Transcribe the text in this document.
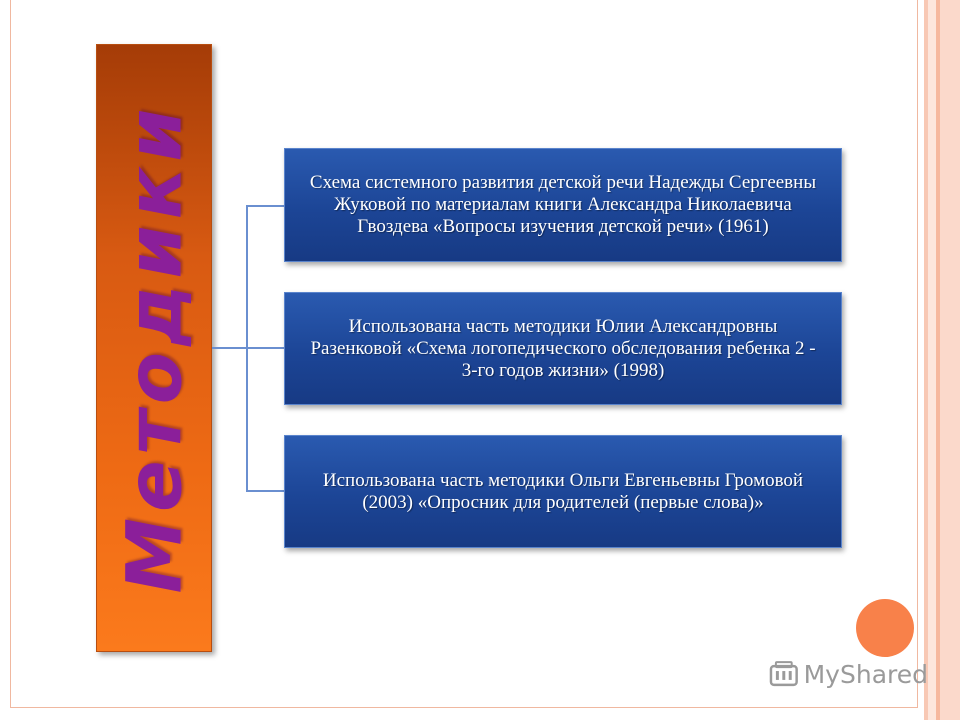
Методики	Схема системного развития детской речи Надежды Сергеевны Жуковой по материалам книги Александра Николаевича Гвоздева «Вопросы изучения детской речи» (1961)
Использована часть методики Юлии Александровны Разенковой «Схема логопедического обследования ребенка 2 - 3-го годов жизни» (1998)
Использована часть методики Ольги Евгеньевны Громовой (2003) «Опросник для родителей (первые слова)»
MyShared
